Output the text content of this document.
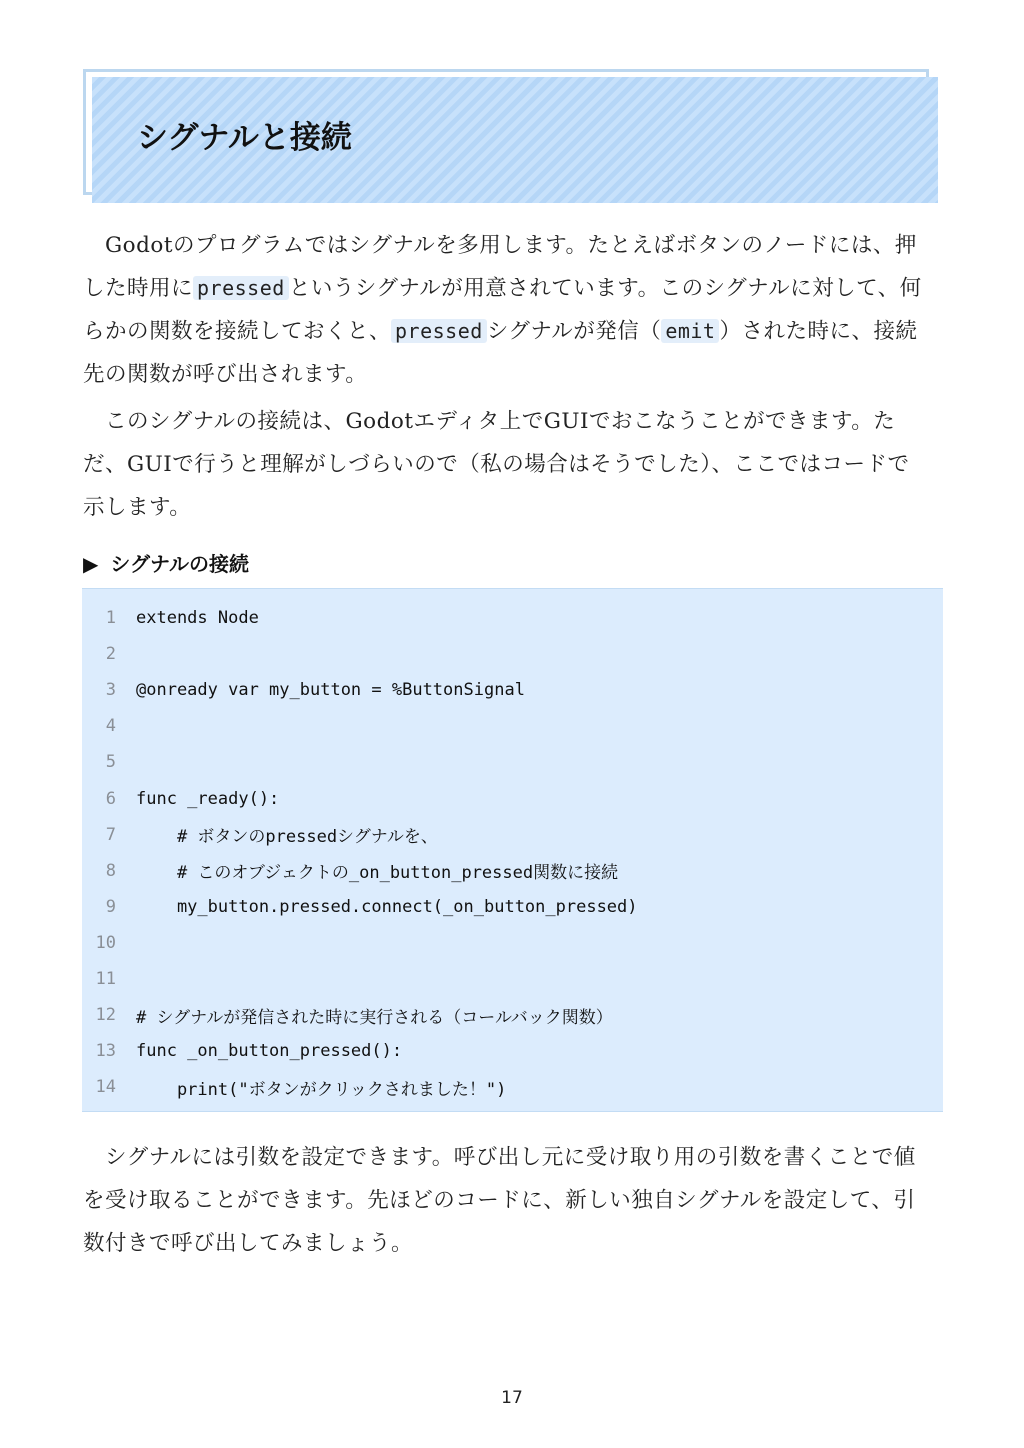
シグナルと接続

Godotのプログラムではシグナルを多用します。たとえばボタンのノードには、押した時用に pressed というシグナルが用意されています。このシグナルに対して、何らかの関数を接続しておくと、 pressed シグナルが発信（ emit ）された時に、接続先の関数が呼び出されます。

このシグナルの接続は、Godotエディタ上でGUIでおこなうことができます。ただ、GUIで行うと理解がしづらいので（私の場合はそうでした）、ここではコードで示します。

▶ シグナルの接続
1 extends Node
2
3 @onready var my_button = %ButtonSignal
4
5
6 func _ready():
7 # ボタンのpressedシグナルを、
8 # このオブジェクトの_on_button_pressed関数に接続
9 my_button.pressed.connect(_on_button_pressed)
10
11
12 # シグナルが発信された時に実行される（コールバック関数）
13 func _on_button_pressed():
14 print("ボタンがクリックされました！")

シグナルには引数を設定できます。呼び出し元に受け取り用の引数を書くことで値を受け取ることができます。先ほどのコードに、新しい独自シグナルを設定して、引数付きで呼び出してみましょう。

17
